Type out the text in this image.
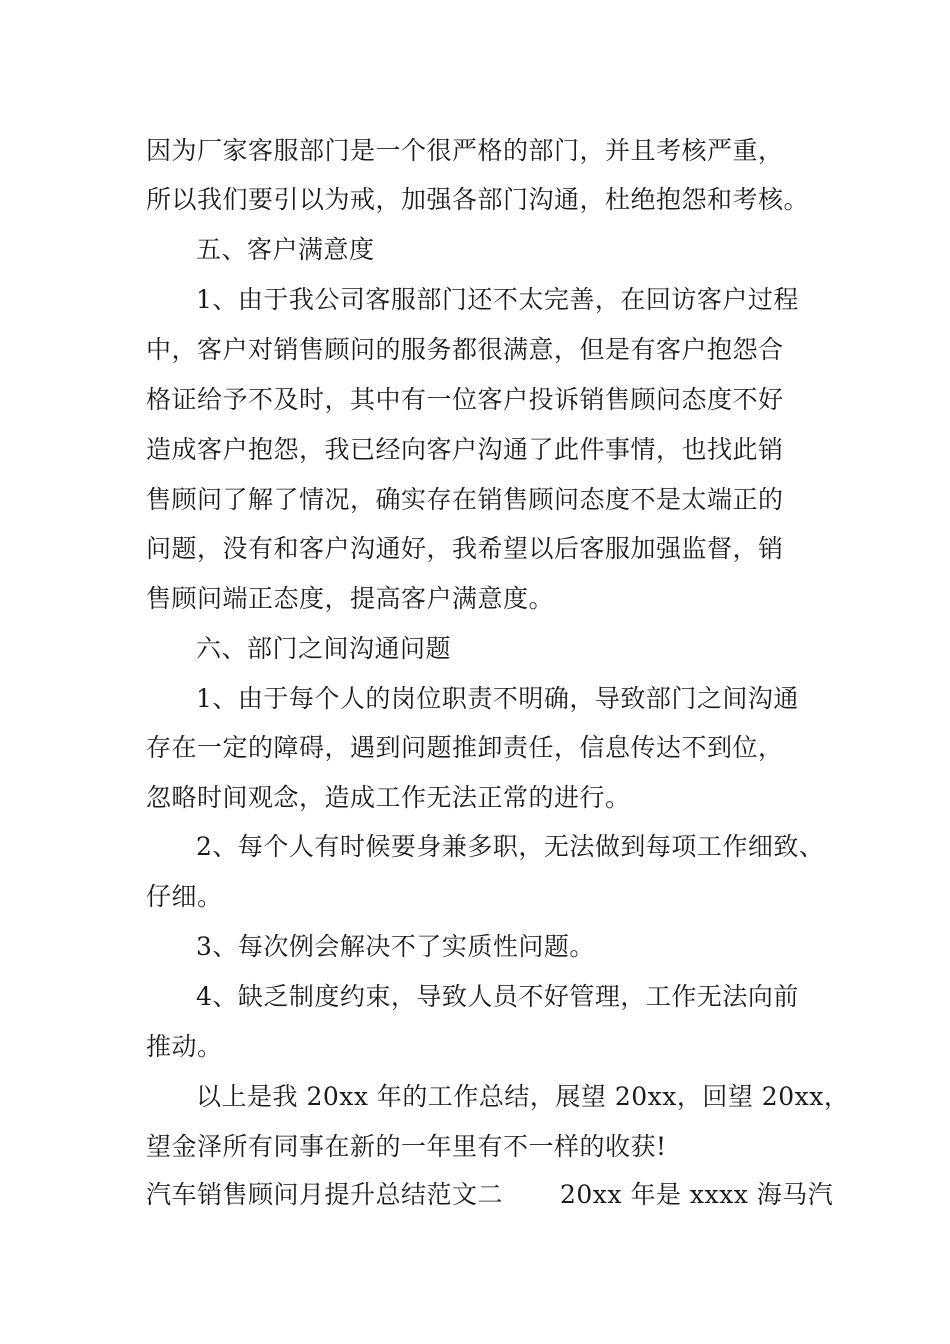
因为厂家客服部门是一个很严格的部门，并且考核严重，
所以我们要引以为戒，加强各部门沟通，杜绝抱怨和考核。
五、客户满意度
1、由于我公司客服部门还不太完善，在回访客户过程
中，客户对销售顾问的服务都很满意，但是有客户抱怨合
格证给予不及时，其中有一位客户投诉销售顾问态度不好
造成客户抱怨，我已经向客户沟通了此件事情，也找此销
售顾问了解了情况，确实存在销售顾问态度不是太端正的
问题，没有和客户沟通好，我希望以后客服加强监督，销
售顾问端正态度，提高客户满意度。
六、部门之间沟通问题
1、由于每个人的岗位职责不明确，导致部门之间沟通
存在一定的障碍，遇到问题推卸责任，信息传达不到位，
忽略时间观念，造成工作无法正常的进行。
2、每个人有时候要身兼多职，无法做到每项工作细致、
仔细。
3、每次例会解决不了实质性问题。
4、缺乏制度约束，导致人员不好管理，工作无法向前
推动。
以上是我 20xx 年的工作总结，展望 20xx，回望 20xx，
望金泽所有同事在新的一年里有不一样的收获!
汽车销售顾问月提升总结范文二 20xx 年是 xxxx 海马汽
